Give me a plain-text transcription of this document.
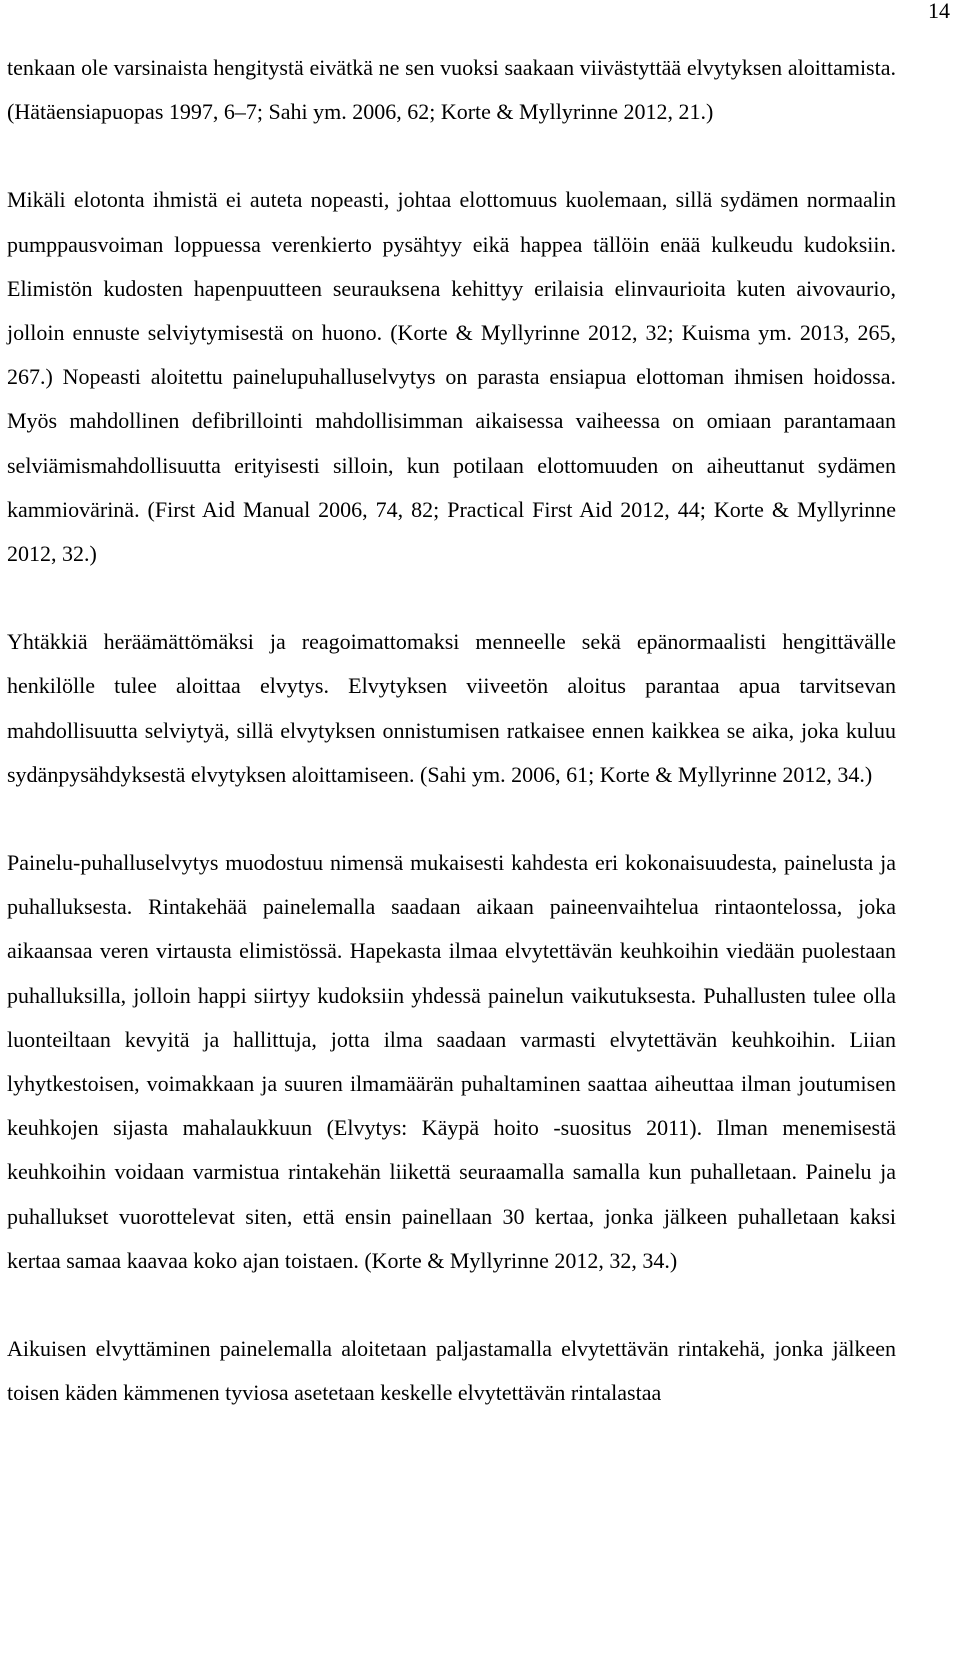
14

tenkaan ole varsinaista hengitystä eivätkä ne sen vuoksi saakaan viivästyttää elvytyksen aloittamista. (Hätäensiapuopas 1997, 6–7; Sahi ym. 2006, 62; Korte & Myllyrinne 2012, 21.)

Mikäli elotonta ihmistä ei auteta nopeasti, johtaa elottomuus kuolemaan, sillä sydämen normaalin pumppausvoiman loppuessa verenkierto pysähtyy eikä happea tällöin enää kulkeudu kudoksiin. Elimistön kudosten hapenpuutteen seurauksena kehittyy erilaisia elinvaurioita kuten aivovaurio, jolloin ennuste selviytymisestä on huono. (Korte & Myllyrinne 2012, 32; Kuisma ym. 2013, 265, 267.) Nopeasti aloitettu painelupuhalluselvytys on parasta ensiapua elottoman ihmisen hoidossa. Myös mahdollinen defibrillointi mahdollisimman aikaisessa vaiheessa on omiaan parantamaan selviämismahdollisuutta erityisesti silloin, kun potilaan elottomuuden on aiheuttanut sydämen kammiovärinä. (First Aid Manual 2006, 74, 82; Practical First Aid 2012, 44; Korte & Myllyrinne 2012, 32.)

Yhtäkkiä heräämättömäksi ja reagoimattomaksi menneelle sekä epänormaalisti hengittävälle henkilölle tulee aloittaa elvytys. Elvytyksen viiveetön aloitus parantaa apua tarvitsevan mahdollisuutta selviytyä, sillä elvytyksen onnistumisen ratkaisee ennen kaikkea se aika, joka kuluu sydänpysähdyksestä elvytyksen aloittamiseen. (Sahi ym. 2006, 61; Korte & Myllyrinne 2012, 34.)

Painelu-puhalluselvytys muodostuu nimensä mukaisesti kahdesta eri kokonaisuudesta, painelusta ja puhalluksesta. Rintakehää painelemalla saadaan aikaan paineenvaihtelua rintaontelossa, joka aikaansaa veren virtausta elimistössä. Hapekasta ilmaa elvytettävän keuhkoihin viedään puolestaan puhalluksilla, jolloin happi siirtyy kudoksiin yhdessä painelun vaikutuksesta. Puhallusten tulee olla luonteiltaan kevyitä ja hallittuja, jotta ilma saadaan varmasti elvytettävän keuhkoihin. Liian lyhytkestoisen, voimakkaan ja suuren ilmamäärän puhaltaminen saattaa aiheuttaa ilman joutumisen keuhkojen sijasta mahalaukkuun (Elvytys: Käypä hoito -suositus 2011). Ilman menemisestä keuhkoihin voidaan varmistua rintakehän liikettä seuraamalla samalla kun puhalletaan. Painelu ja puhallukset vuorottelevat siten, että ensin painellaan 30 kertaa, jonka jälkeen puhalletaan kaksi kertaa samaa kaavaa koko ajan toistaen. (Korte & Myllyrinne 2012, 32, 34.)

Aikuisen elvyttäminen painelemalla aloitetaan paljastamalla elvytettävän rintakehä, jonka jälkeen toisen käden kämmenen tyviosa asetetaan keskelle elvytettävän rintalastaa
